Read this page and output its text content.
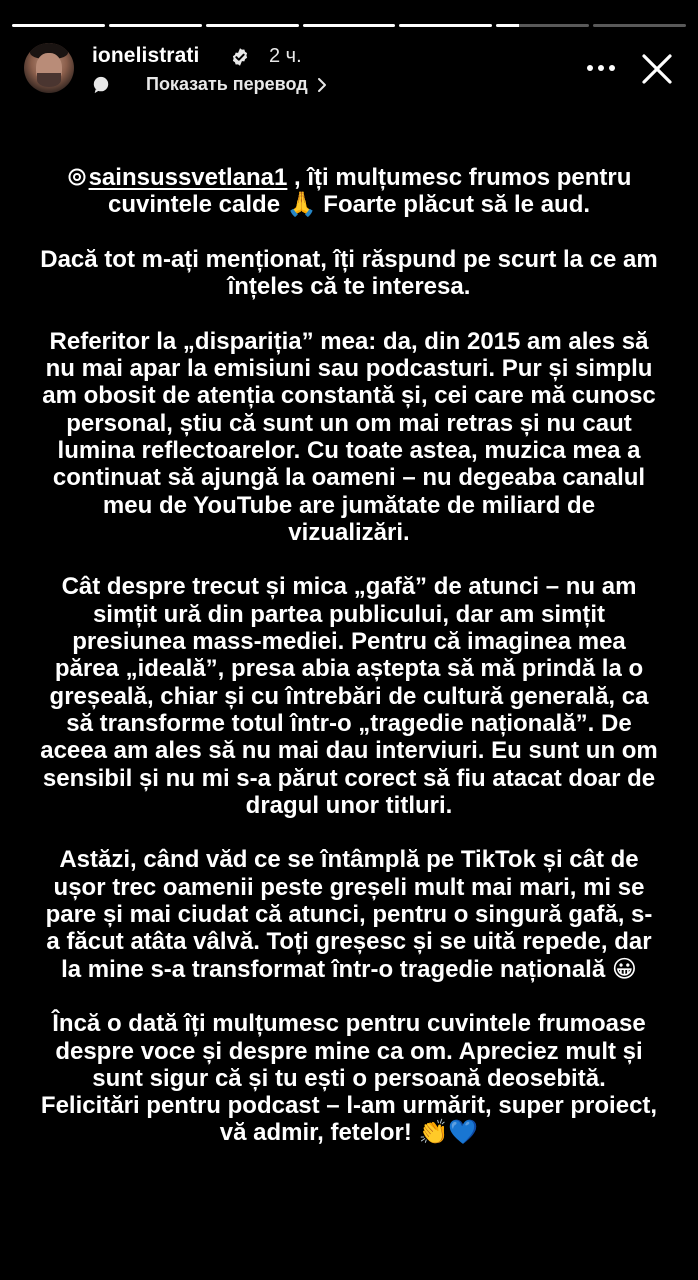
ionelistrati	2 ч.
Показать перевод

sainsussvetlana1 , îți mulțumesc frumos pentru cuvintele calde 🙏 Foarte plăcut să le aud.

Dacă tot m-ați menționat, îți răspund pe scurt la ce am înțeles că te interesa.

Referitor la „dispariția” mea: da, din 2015 am ales să nu mai apar la emisiuni sau podcasturi. Pur și simplu am obosit de atenția constantă și, cei care mă cunosc personal, știu că sunt un om mai retras și nu caut lumina reflectoarelor. Cu toate astea, muzica mea a continuat să ajungă la oameni – nu degeaba canalul meu de YouTube are jumătate de miliard de vizualizări.

Cât despre trecut și mica „gafă” de atunci – nu am simțit ură din partea publicului, dar am simțit presiunea mass-mediei. Pentru că imaginea mea părea „ideală”, presa abia aștepta să mă prindă la o greșeală, chiar și cu întrebări de cultură generală, ca să transforme totul într-o „tragedie națională”. De aceea am ales să nu mai dau interviuri. Eu sunt un om sensibil și nu mi s-a părut corect să fiu atacat doar de dragul unor titluri.

Astăzi, când văd ce se întâmplă pe TikTok și cât de ușor trec oamenii peste greșeli mult mai mari, mi se pare și mai ciudat că atunci, pentru o singură gafă, s-a făcut atâta vâlvă. Toți greșesc și se uită repede, dar la mine s-a transformat într-o tragedie națională 😀

Încă o dată îți mulțumesc pentru cuvintele frumoase despre voce și despre mine ca om. Apreciez mult și sunt sigur că și tu ești o persoană deosebită. Felicitări pentru podcast – l-am urmărit, super proiect, vă admir, fetelor! 👏💙
